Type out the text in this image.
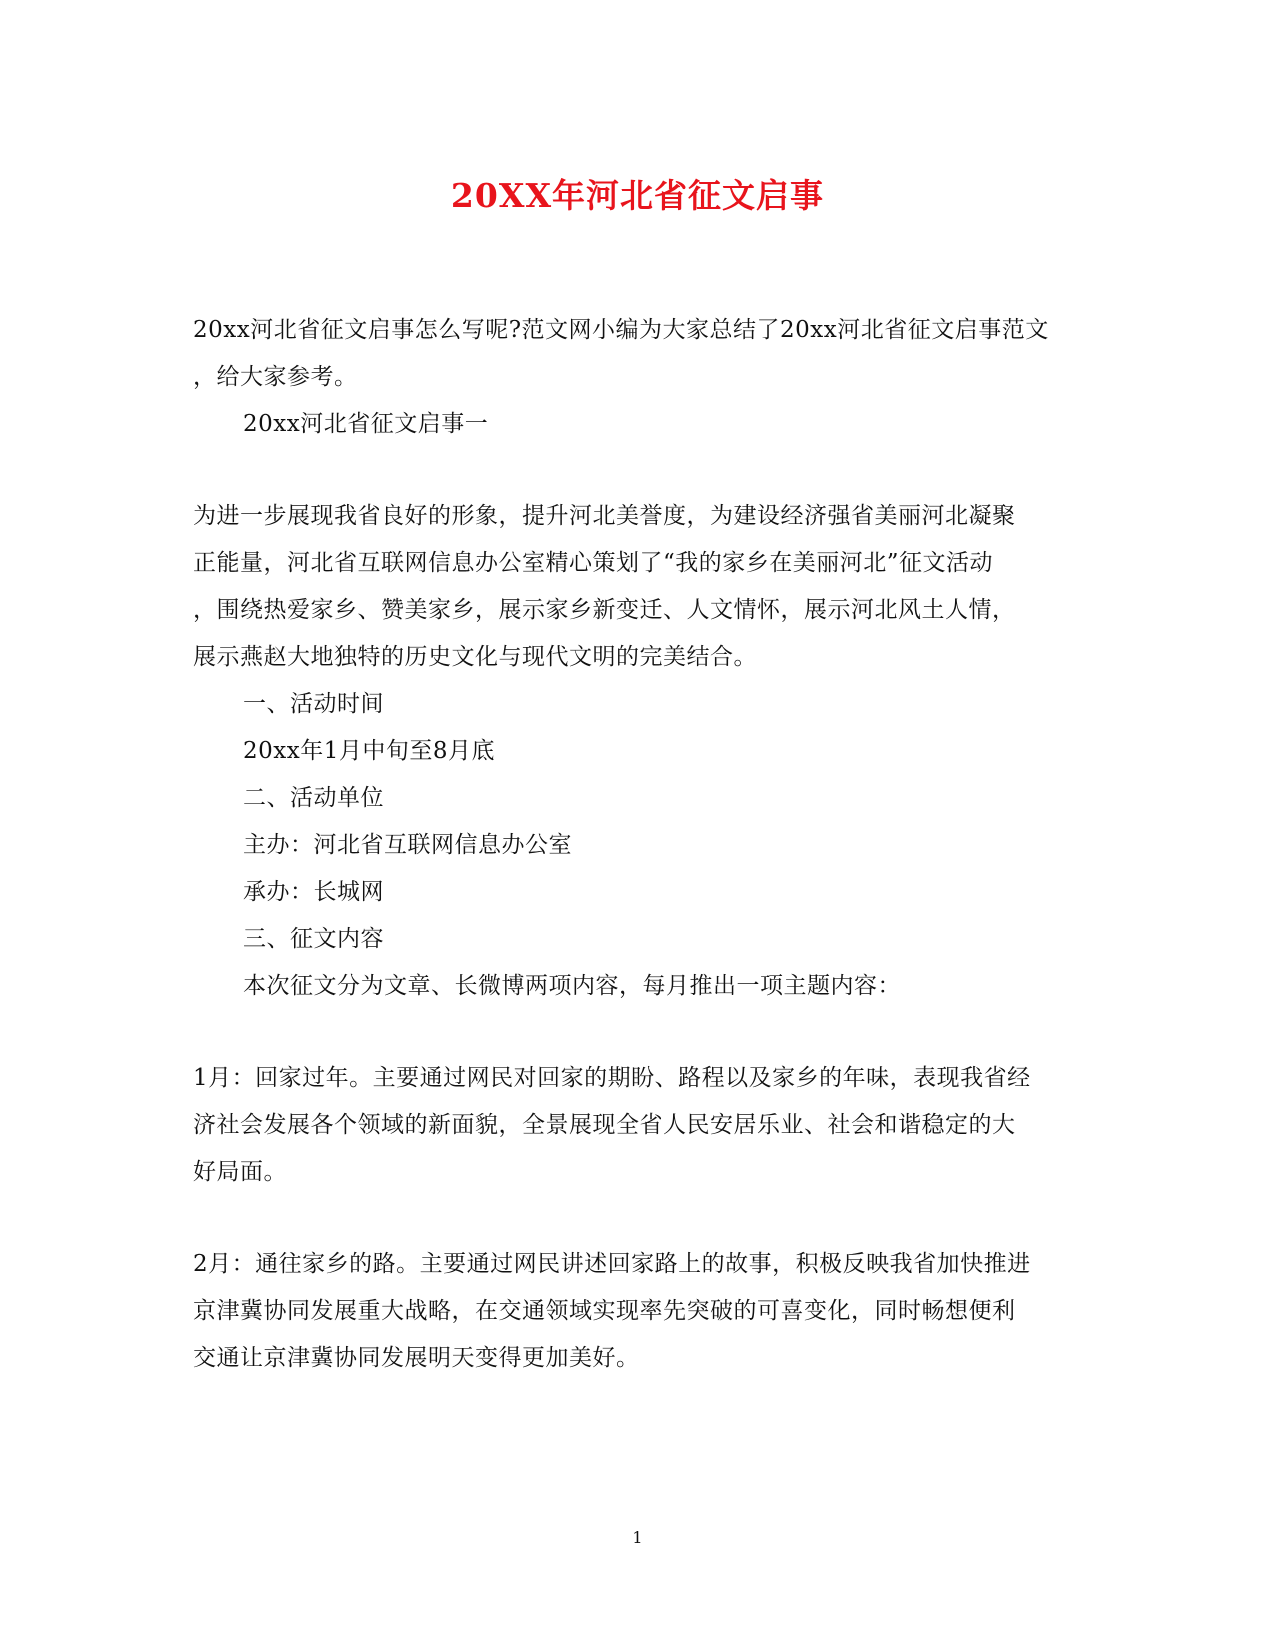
20XX年河北省征文启事
20xx河北省征文启事怎么写呢?范文网小编为大家总结了20xx河北省征文启事范文
，给大家参考。
20xx河北省征文启事一
为进一步展现我省良好的形象，提升河北美誉度，为建设经济强省美丽河北凝聚
正能量，河北省互联网信息办公室精心策划了“我的家乡在美丽河北”征文活动
，围绕热爱家乡、赞美家乡，展示家乡新变迁、人文情怀，展示河北风土人情，
展示燕赵大地独特的历史文化与现代文明的完美结合。
一、活动时间
20xx年1月中旬至8月底
二、活动单位
主办：河北省互联网信息办公室
承办：长城网
三、征文内容
本次征文分为文章、长微博两项内容，每月推出一项主题内容：
1月：回家过年。主要通过网民对回家的期盼、路程以及家乡的年味，表现我省经
济社会发展各个领域的新面貌，全景展现全省人民安居乐业、社会和谐稳定的大
好局面。
2月：通往家乡的路。主要通过网民讲述回家路上的故事，积极反映我省加快推进
京津冀协同发展重大战略，在交通领域实现率先突破的可喜变化，同时畅想便利
交通让京津冀协同发展明天变得更加美好。
1
